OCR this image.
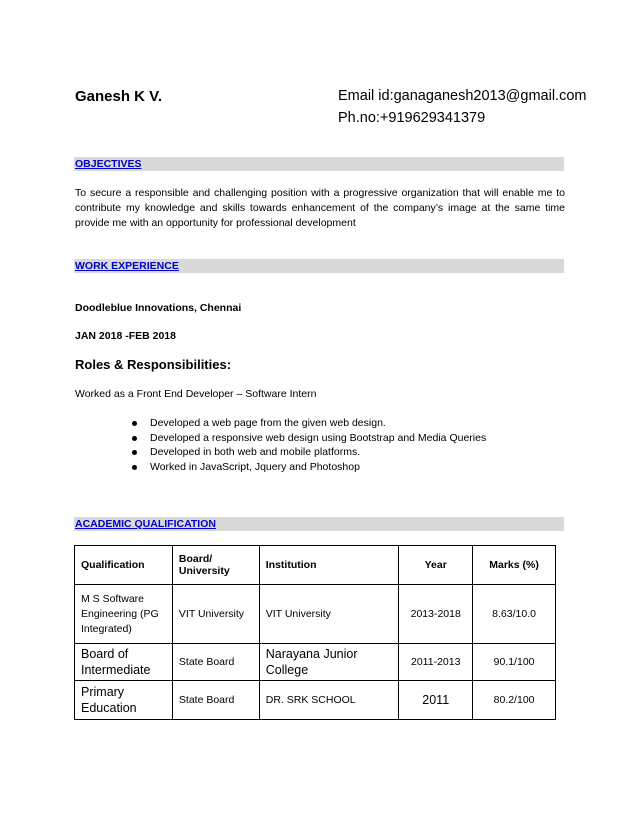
Ganesh K V.	Email id:ganaganesh2013@gmail.com
Ph.no:+919629341379
OBJECTIVES
To secure a responsible and challenging position with a progressive organization that will enable me to contribute my knowledge and skills towards enhancement of the company’s image at the same time provide me with an opportunity for professional development
WORK EXPERIENCE
Doodleblue Innovations, Chennai
JAN 2018 -FEB 2018
Roles & Responsibilities:
Worked as a Front End Developer – Software Intern
Developed a web page from the given web design.
Developed a responsive web design using Bootstrap and Media Queries
Developed in both web and mobile platforms.
Worked in JavaScript, Jquery and Photoshop
ACADEMIC QUALIFICATION
Qualification	Board/ University	Institution	Year	Marks (%)
M S Software Engineering (PG Integrated)	VIT University	VIT University	2013-2018	8.63/10.0
Board of Intermediate	State Board	Narayana Junior College	2011-2013	90.1/100
Primary Education	State Board	DR. SRK SCHOOL	2011	80.2/100
